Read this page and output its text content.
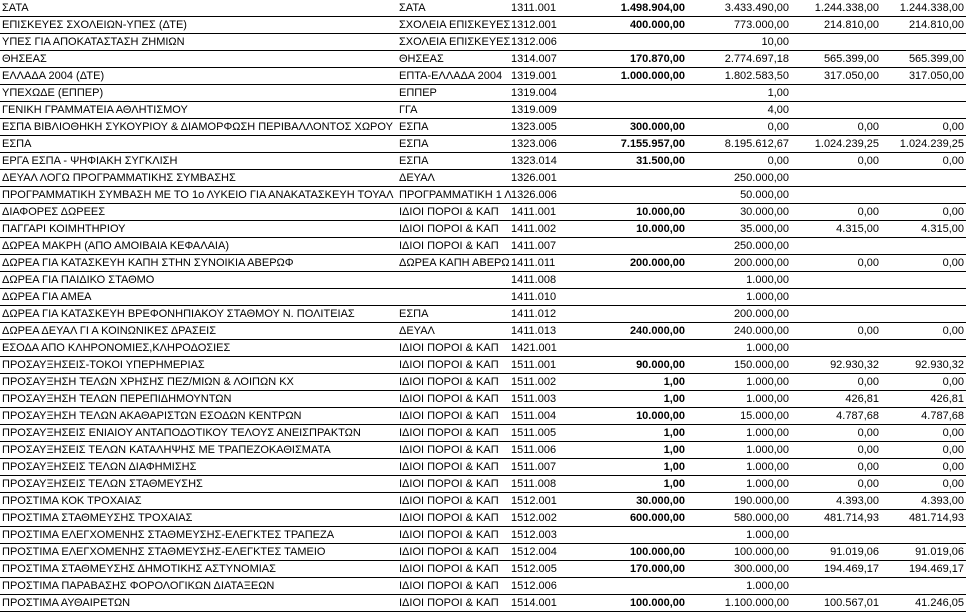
ΣΑΤΑ	ΣΑΤΑ	1311.001	1.498.904,00	3.433.490,00	1.244.338,00	1.244.338,00
ΕΠΙΣΚΕΥΕΣ ΣΧΟΛΕΙΩΝ-ΥΠΕΣ (ΔΤΕ)	ΣΧΟΛΕΙΑ ΕΠΙΣΚΕΥΕΣ	1312.001	400.000,00	773.000,00	214.810,00	214.810,00
ΥΠΕΣ ΓΙΑ ΑΠΟΚΑΤΑΣΤΑΣΗ ΖΗΜΙΩΝ	ΣΧΟΛΕΙΑ ΕΠΙΣΚΕΥΕΣ	1312.006		10,00		
ΘΗΣΕΑΣ	ΘΗΣΕΑΣ	1314.007	170.870,00	2.774.697,18	565.399,00	565.399,00
ΕΛΛΑΔΑ 2004 (ΔΤΕ)	ΕΠΤΑ-ΕΛΛΑΔΑ 2004	1319.001	1.000.000,00	1.802.583,50	317.050,00	317.050,00
ΥΠΕΧΩΔΕ (ΕΠΠΕΡ)	ΕΠΠΕΡ	1319.004		1,00		
ΓΕΝΙΚΗ ΓΡΑΜΜΑΤΕΙΑ ΑΘΛΗΤΙΣΜΟΥ	ΓΓΑ	1319.009		4,00		
ΕΣΠΑ ΒΙΒΛΙΟΘΗΚΗ ΣΥΚΟΥΡΙΟΥ & ΔΙΑΜΟΡΦΩΣΗ ΠΕΡΙΒΑΛΛΟΝΤΟΣ ΧΩΡΟΥ	ΕΣΠΑ	1323.005	300.000,00	0,00	0,00	0,00
ΕΣΠΑ	ΕΣΠΑ	1323.006	7.155.957,00	8.195.612,67	1.024.239,25	1.024.239,25
ΕΡΓΑ ΕΣΠΑ - ΨΗΦΙΑΚΗ ΣΥΓΚΛΙΣΗ	ΕΣΠΑ	1323.014	31.500,00	0,00	0,00	0,00
ΔΕΥΑΛ ΛΟΓΩ ΠΡΟΓΡΑΜΜΑΤΙΚΗΣ ΣΥΜΒΑΣΗΣ	ΔΕΥΑΛ	1326.001		250.000,00		
ΠΡΟΓΡΑΜΜΑΤΙΚΗ ΣΥΜΒΑΣΗ ΜΕ ΤΟ 1ο ΛΥΚΕΙΟ ΓΙΑ ΑΝΑΚΑΤΑΣΚΕΥΗ ΤΟΥΑΛ	ΠΡΟΓΡΑΜΜΑΤΙΚΗ 1 Λ	1326.006		50.000,00		
ΔΙΑΦΟΡΕΣ ΔΩΡΕΕΣ	ΙΔΙΟΙ ΠΟΡΟΙ & ΚΑΠ	1411.001	10.000,00	30.000,00	0,00	0,00
ΠΑΓΓΑΡΙ ΚΟΙΜΗΤΗΡΙΟΥ	ΙΔΙΟΙ ΠΟΡΟΙ & ΚΑΠ	1411.002	10.000,00	35.000,00	4.315,00	4.315,00
ΔΩΡΕΑ ΜΑΚΡΗ (ΑΠΟ ΑΜΟΙΒΑΙΑ ΚΕΦΑΛΑΙΑ)	ΙΔΙΟΙ ΠΟΡΟΙ & ΚΑΠ	1411.007		250.000,00		
ΔΩΡΕΑ ΓΙΑ ΚΑΤΑΣΚΕΥΗ ΚΑΠΗ ΣΤΗΝ ΣΥΝΟΙΚΙΑ ΑΒΕΡΩΦ	ΔΩΡΕΑ ΚΑΠΗ ΑΒΕΡΩ	1411.011	200.000,00	200.000,00	0,00	0,00
ΔΩΡΕΑ ΓΙΑ ΠΑΙΔΙΚΟ ΣΤΑΘΜΟ		1411.008		1.000,00		
ΔΩΡΕΑ ΓΙΑ ΑΜΕΑ		1411.010		1.000,00		
ΔΩΡΕΑ ΓΙΑ ΚΑΤΑΣΚΕΥΗ ΒΡΕΦΟΝΗΠΙΑΚΟΥ ΣΤΑΘΜΟΥ Ν. ΠΟΛΙΤΕΙΑΣ	ΕΣΠΑ	1411.012		200.000,00		
ΔΩΡΕΑ ΔΕΥΑΛ ΓΙ Α ΚΟΙΝΩΝΙΚΕΣ ΔΡΑΣΕΙΣ	ΔΕΥΑΛ	1411.013	240.000,00	240.000,00	0,00	0,00
ΕΣΟΔΑ ΑΠΟ ΚΛΗΡΟΝΟΜΙΕΣ,ΚΛΗΡΟΔΟΣΙΕΣ	ΙΔΙΟΙ ΠΟΡΟΙ & ΚΑΠ	1421.001		1.000,00		
ΠΡΟΣΑΥΞΗΣΕΙΣ-ΤΟΚΟΙ ΥΠΕΡΗΜΕΡΙΑΣ	ΙΔΙΟΙ ΠΟΡΟΙ & ΚΑΠ	1511.001	90.000,00	150.000,00	92.930,32	92.930,32
ΠΡΟΣΑΥΞΗΣΗ ΤΕΛΩΝ ΧΡΗΣΗΣ ΠΕΖ/ΜΙΩΝ & ΛΟΙΠΩΝ ΚΧ	ΙΔΙΟΙ ΠΟΡΟΙ & ΚΑΠ	1511.002	1,00	1.000,00	0,00	0,00
ΠΡΟΣΑΥΞΗΣΗ ΤΕΛΩΝ ΠΕΡΕΠΙΔΗΜΟΥΝΤΩΝ	ΙΔΙΟΙ ΠΟΡΟΙ & ΚΑΠ	1511.003	1,00	1.000,00	426,81	426,81
ΠΡΟΣΑΥΞΗΣΗ ΤΕΛΩΝ ΑΚΑΘΑΡΙΣΤΩΝ ΕΣΟΔΩΝ ΚΕΝΤΡΩΝ	ΙΔΙΟΙ ΠΟΡΟΙ & ΚΑΠ	1511.004	10.000,00	15.000,00	4.787,68	4.787,68
ΠΡΟΣΑΥΞΗΣΕΙΣ ΕΝΙΑΙΟΥ ΑΝΤΑΠΟΔΟΤΙΚΟΥ ΤΕΛΟΥΣ ΑΝΕΙΣΠΡΑΚΤΩΝ	ΙΔΙΟΙ ΠΟΡΟΙ & ΚΑΠ	1511.005	1,00	1.000,00	0,00	0,00
ΠΡΟΣΑΥΞΗΣΕΙΣ ΤΕΛΩΝ ΚΑΤΑΛΗΨΗΣ ΜΕ ΤΡΑΠΕΖΟΚΑΘΙΣΜΑΤΑ	ΙΔΙΟΙ ΠΟΡΟΙ & ΚΑΠ	1511.006	1,00	1.000,00	0,00	0,00
ΠΡΟΣΑΥΞΗΣΕΙΣ ΤΕΛΩΝ ΔΙΑΦΗΜΙΣΗΣ	ΙΔΙΟΙ ΠΟΡΟΙ & ΚΑΠ	1511.007	1,00	1.000,00	0,00	0,00
ΠΡΟΣΑΥΞΗΣΕΙΣ ΤΕΛΩΝ ΣΤΑΘΜΕΥΣΗΣ	ΙΔΙΟΙ ΠΟΡΟΙ & ΚΑΠ	1511.008	1,00	1.000,00	0,00	0,00
ΠΡΟΣΤΙΜΑ ΚΟΚ ΤΡΟΧΑΙΑΣ	ΙΔΙΟΙ ΠΟΡΟΙ & ΚΑΠ	1512.001	30.000,00	190.000,00	4.393,00	4.393,00
ΠΡΟΣΤΙΜΑ ΣΤΑΘΜΕΥΣΗΣ ΤΡΟΧΑΙΑΣ	ΙΔΙΟΙ ΠΟΡΟΙ & ΚΑΠ	1512.002	600.000,00	580.000,00	481.714,93	481.714,93
ΠΡΟΣΤΙΜΑ ΕΛΕΓΧΟΜΕΝΗΣ ΣΤΑΘΜΕΥΣΗΣ-ΕΛΕΓΚΤΕΣ ΤΡΑΠΕΖΑ	ΙΔΙΟΙ ΠΟΡΟΙ & ΚΑΠ	1512.003		1.000,00		
ΠΡΟΣΤΙΜΑ ΕΛΕΓΧΟΜΕΝΗΣ ΣΤΑΘΜΕΥΣΗΣ-ΕΛΕΓΚΤΕΣ ΤΑΜΕΙΟ	ΙΔΙΟΙ ΠΟΡΟΙ & ΚΑΠ	1512.004	100.000,00	100.000,00	91.019,06	91.019,06
ΠΡΟΣΤΙΜΑ ΣΤΑΘΜΕΥΣΗΣ ΔΗΜΟΤΙΚΗΣ ΑΣΤΥΝΟΜΙΑΣ	ΙΔΙΟΙ ΠΟΡΟΙ & ΚΑΠ	1512.005	170.000,00	300.000,00	194.469,17	194.469,17
ΠΡΟΣΤΙΜΑ ΠΑΡΑΒΑΣΗΣ ΦΟΡΟΛΟΓΙΚΩΝ ΔΙΑΤΑΞΕΩΝ	ΙΔΙΟΙ ΠΟΡΟΙ & ΚΑΠ	1512.006		1.000,00		
ΠΡΟΣΤΙΜΑ ΑΥΘΑΙΡΕΤΩΝ	ΙΔΙΟΙ ΠΟΡΟΙ & ΚΑΠ	1514.001	100.000,00	1.100.000,00	100.567,01	41.246,05
